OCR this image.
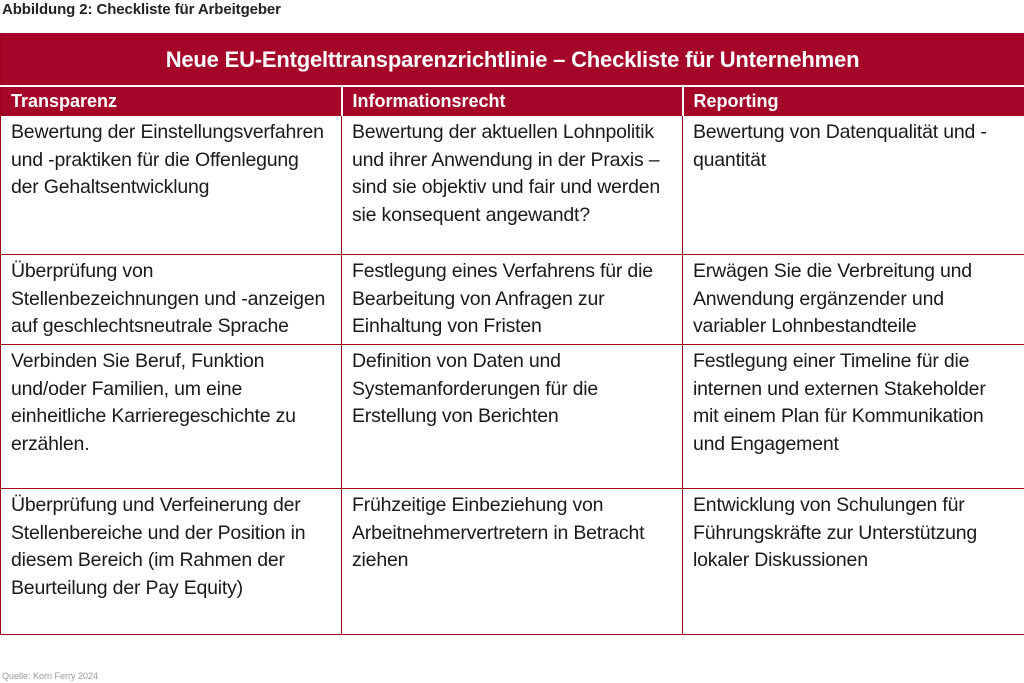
Abbildung 2: Checkliste für Arbeitgeber
Neue EU-Entgelttransparenzrichtlinie – Checkliste für Unternehmen		
Transparenz	Informationsrecht	Reporting
Bewertung der Einstellungsverfahren und -praktiken für die Offenlegung der Gehaltsentwicklung	Bewertung der aktuellen Lohnpolitik und ihrer Anwendung in der Praxis – sind sie objektiv und fair und werden sie konsequent angewandt?	Bewertung von Datenqualität und -quantität
Überprüfung von Stellenbezeichnungen und -anzeigen auf geschlechtsneutrale Sprache	Festlegung eines Verfahrens für die Bearbeitung von Anfragen zur Einhaltung von Fristen	Erwägen Sie die Verbreitung und Anwendung ergänzender und variabler Lohnbestandteile
Verbinden Sie Beruf, Funktion und/oder Familien, um eine einheitliche Karrieregeschichte zu erzählen.	Definition von Daten und Systemanforderungen für die Erstellung von Berichten	Festlegung einer Timeline für die internen und externen Stakeholder mit einem Plan für Kommunikation und Engagement
Überprüfung und Verfeinerung der Stellenbereiche und der Position in diesem Bereich (im Rahmen der Beurteilung der Pay Equity)	Frühzeitige Einbeziehung von Arbeitnehmervertretern in Betracht ziehen	Entwicklung von Schulungen für Führungskräfte zur Unterstützung lokaler Diskussionen
Quelle: Korn Ferry 2024
